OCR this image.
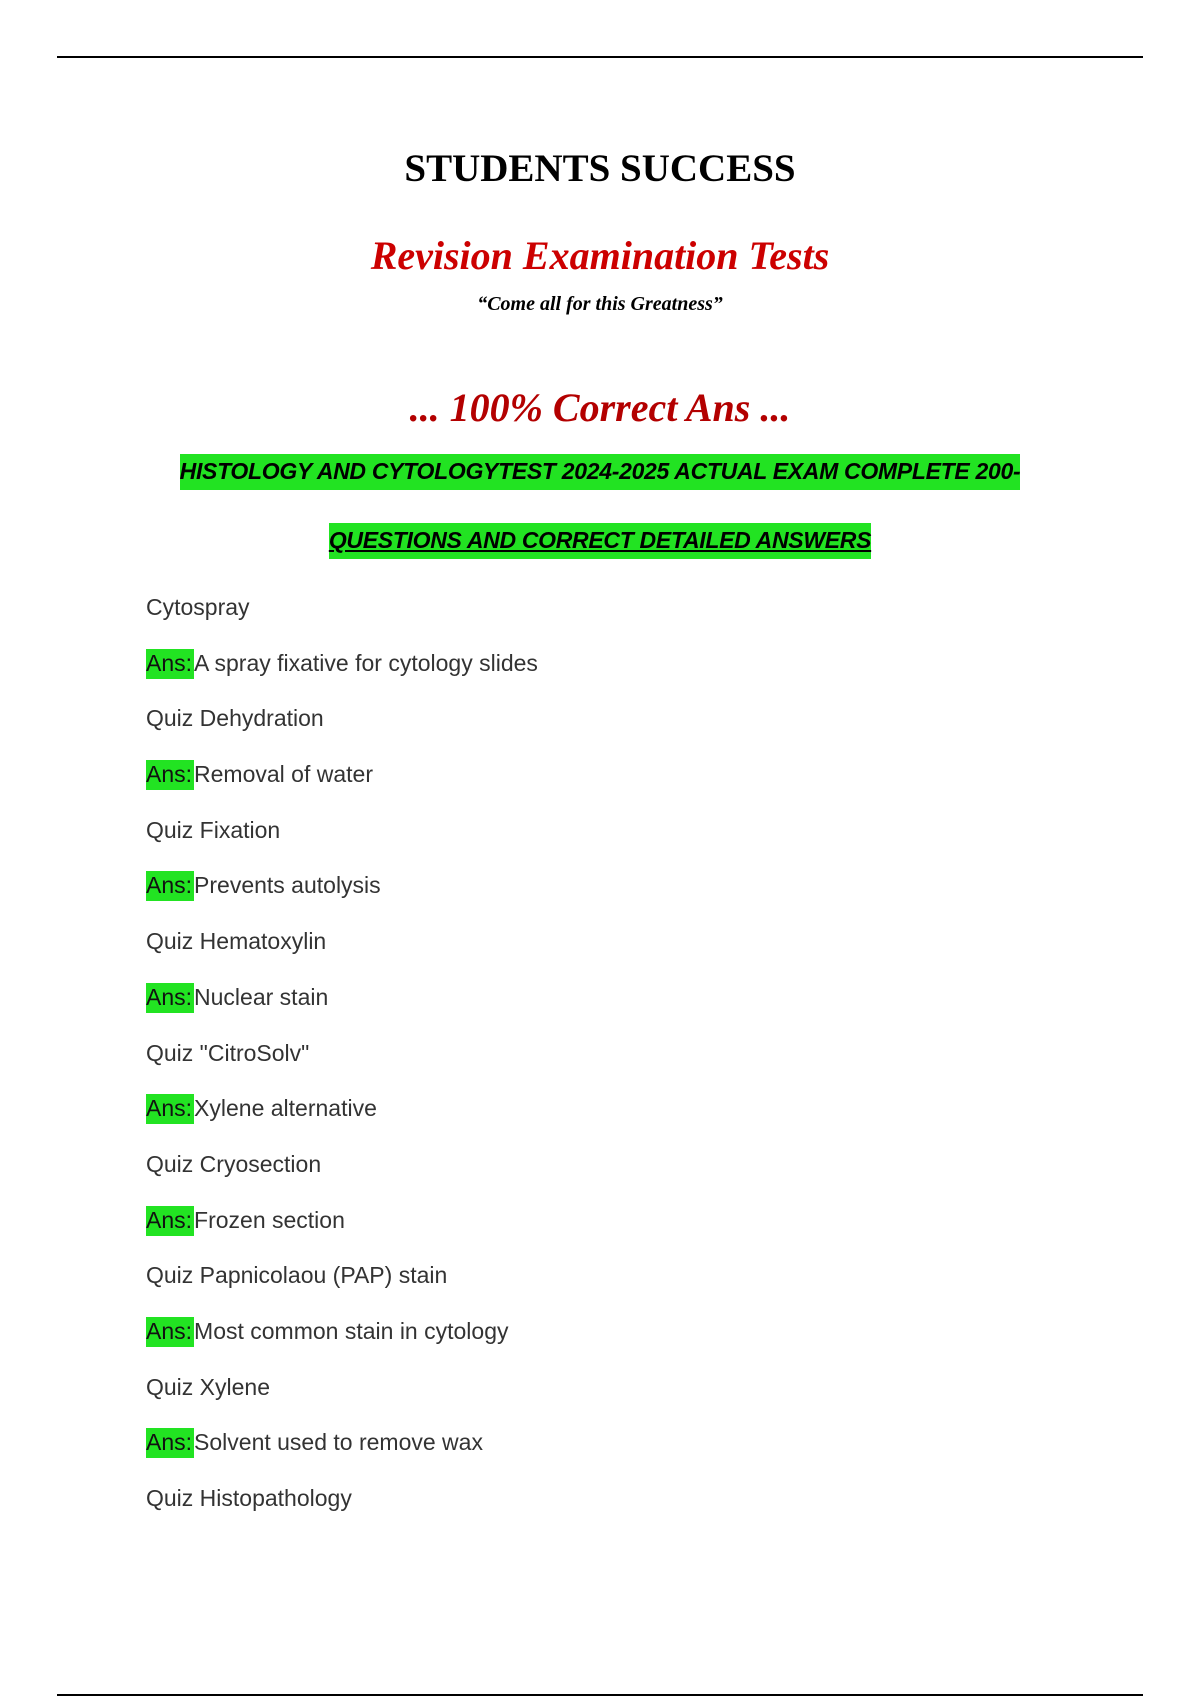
STUDENTS SUCCESS
Revision Examination Tests
“Come all for this Greatness”
... 100% Correct Ans ...
HISTOLOGY AND CYTOLOGYTEST 2024-2025 ACTUAL EXAM COMPLETE 200-
QUESTIONS AND CORRECT DETAILED ANSWERS
Cytospray
Ans:A spray fixative for cytology slides
Quiz Dehydration
Ans:Removal of water
Quiz Fixation
Ans:Prevents autolysis
Quiz Hematoxylin
Ans:Nuclear stain
Quiz "CitroSolv"
Ans:Xylene alternative
Quiz Cryosection
Ans:Frozen section
Quiz Papnicolaou (PAP) stain
Ans:Most common stain in cytology
Quiz Xylene
Ans:Solvent used to remove wax
Quiz Histopathology
